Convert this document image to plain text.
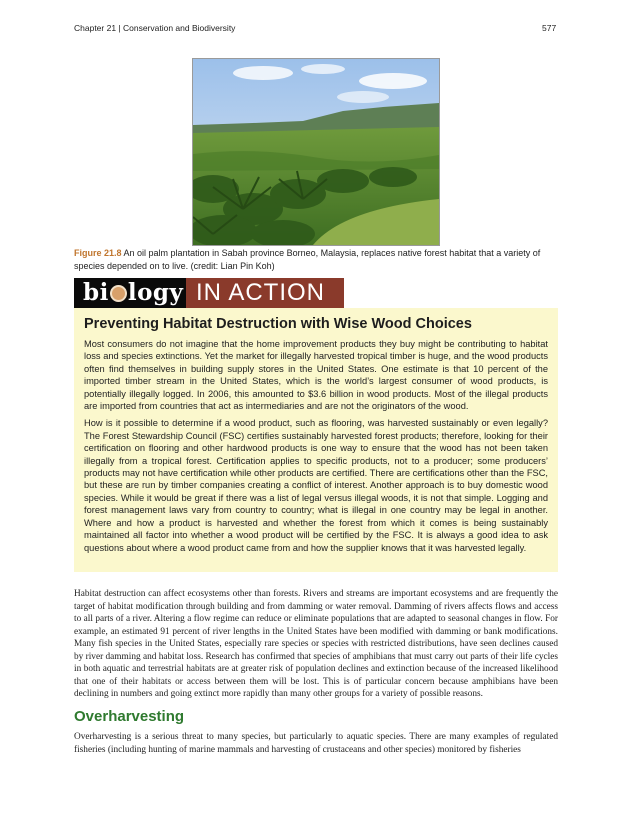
Chapter 21 | Conservation and Biodiversity	577
Figure 21.8 An oil palm plantation in Sabah province Borneo, Malaysia, replaces native forest habitat that a variety of species depended on to live. (credit: Lian Pin Koh)
bi logy IN ACTION
Preventing Habitat Destruction with Wise Wood Choices

Most consumers do not imagine that the home improvement products they buy might be contributing to habitat loss and species extinctions. Yet the market for illegally harvested tropical timber is huge, and the wood products often find themselves in building supply stores in the United States. One estimate is that 10 percent of the imported timber stream in the United States, which is the world’s largest consumer of wood products, is potentially illegally logged. In 2006, this amounted to $3.6 billion in wood products. Most of the illegal products are imported from countries that act as intermediaries and are not the originators of the wood.

How is it possible to determine if a wood product, such as flooring, was harvested sustainably or even legally? The Forest Stewardship Council (FSC) certifies sustainably harvested forest products; therefore, looking for their certification on flooring and other hardwood products is one way to ensure that the wood has not been taken illegally from a tropical forest. Certification applies to specific products, not to a producer; some producers’ products may not have certification while other products are certified. There are certifications other than the FSC, but these are run by timber companies creating a conflict of interest. Another approach is to buy domestic wood species. While it would be great if there was a list of legal versus illegal woods, it is not that simple. Logging and forest management laws vary from country to country; what is illegal in one country may be legal in another. Where and how a product is harvested and whether the forest from which it comes is being sustainably maintained all factor into whether a wood product will be certified by the FSC. It is always a good idea to ask questions about where a wood product came from and how the supplier knows that it was harvested legally.

Habitat destruction can affect ecosystems other than forests. Rivers and streams are important ecosystems and are frequently the target of habitat modification through building and from damming or water removal. Damming of rivers affects flows and access to all parts of a river. Altering a flow regime can reduce or eliminate populations that are adapted to seasonal changes in flow. For example, an estimated 91 percent of river lengths in the United States have been modified with damming or bank modifications. Many fish species in the United States, especially rare species or species with restricted distributions, have seen declines caused by river damming and habitat loss. Research has confirmed that species of amphibians that must carry out parts of their life cycles in both aquatic and terrestrial habitats are at greater risk of population declines and extinction because of the increased likelihood that one of their habitats or access between them will be lost. This is of particular concern because amphibians have been declining in numbers and going extinct more rapidly than many other groups for a variety of possible reasons.

Overharvesting

Overharvesting is a serious threat to many species, but particularly to aquatic species. There are many examples of regulated fisheries (including hunting of marine mammals and harvesting of crustaceans and other species) monitored by fisheries
